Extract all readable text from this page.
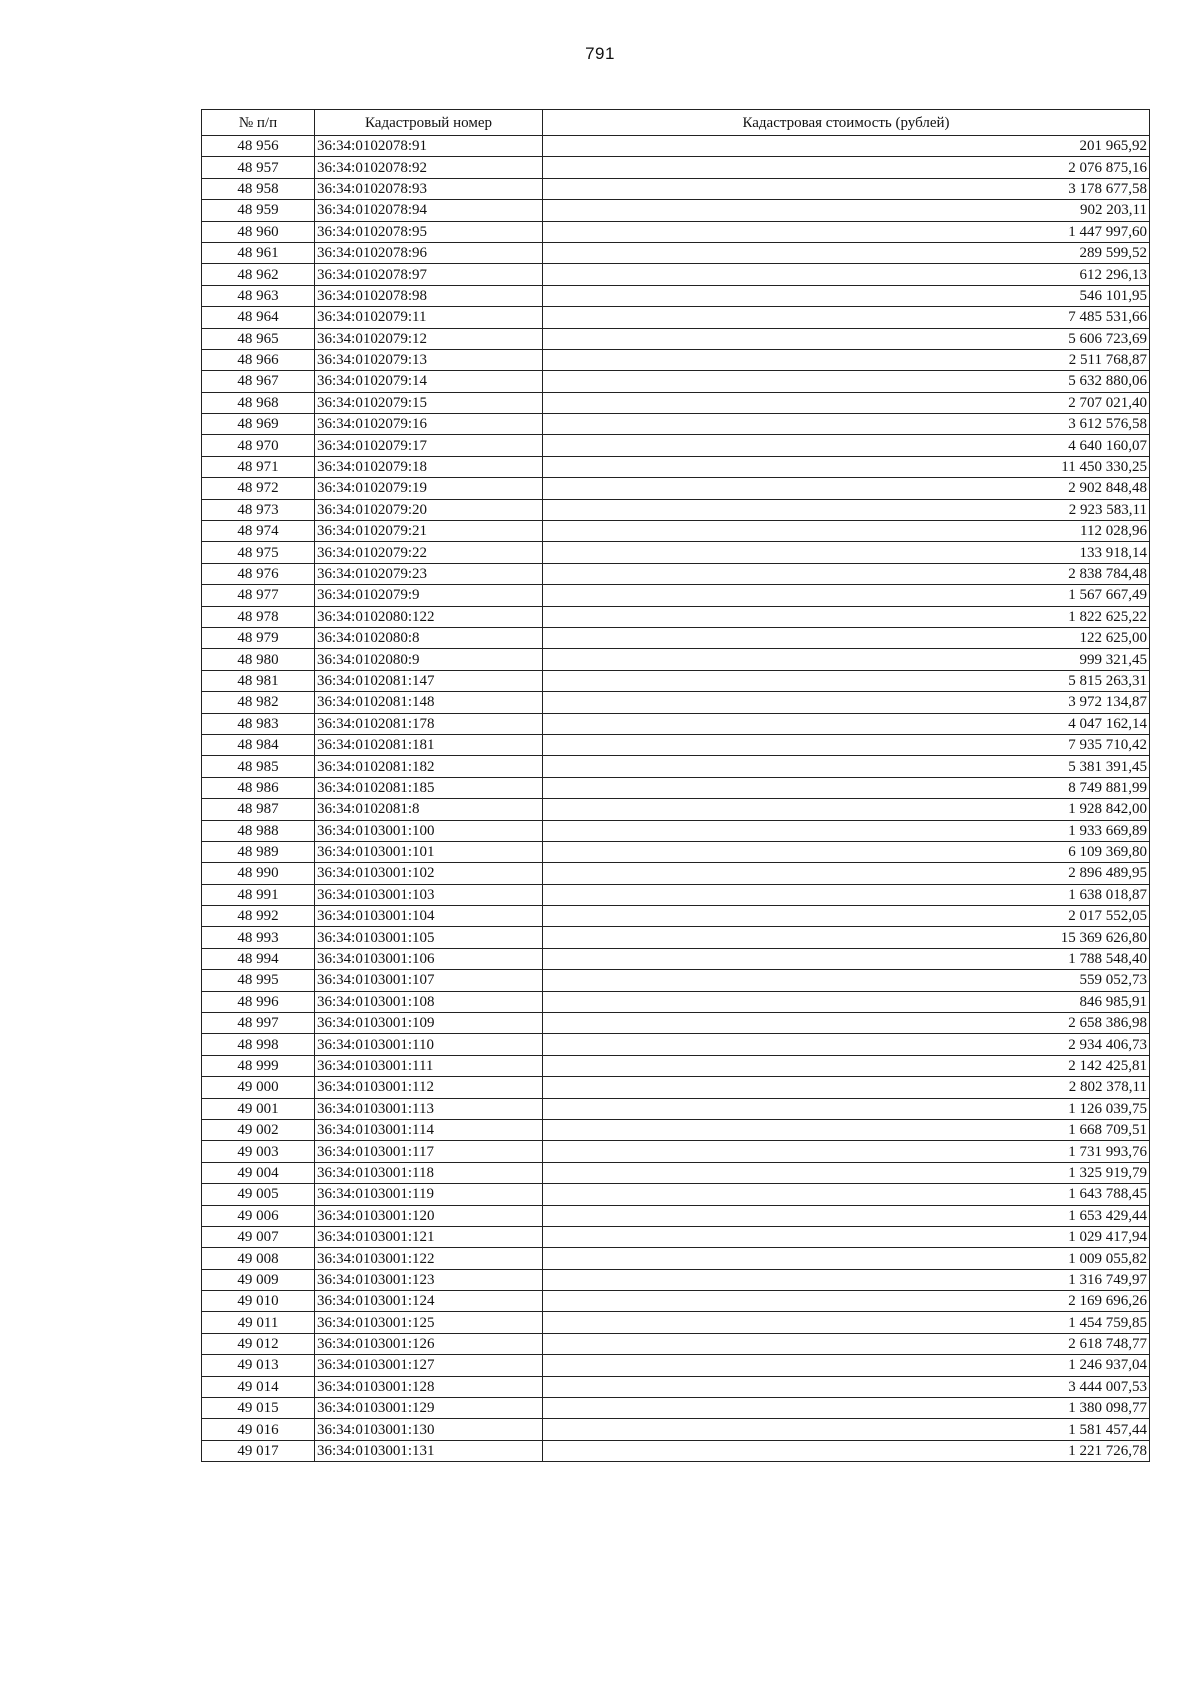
791
№ п/п	Кадастровый номер	Кадастровая стоимость (рублей)
48 956	36:34:0102078:91	201 965,92
48 957	36:34:0102078:92	2 076 875,16
48 958	36:34:0102078:93	3 178 677,58
48 959	36:34:0102078:94	902 203,11
48 960	36:34:0102078:95	1 447 997,60
48 961	36:34:0102078:96	289 599,52
48 962	36:34:0102078:97	612 296,13
48 963	36:34:0102078:98	546 101,95
48 964	36:34:0102079:11	7 485 531,66
48 965	36:34:0102079:12	5 606 723,69
48 966	36:34:0102079:13	2 511 768,87
48 967	36:34:0102079:14	5 632 880,06
48 968	36:34:0102079:15	2 707 021,40
48 969	36:34:0102079:16	3 612 576,58
48 970	36:34:0102079:17	4 640 160,07
48 971	36:34:0102079:18	11 450 330,25
48 972	36:34:0102079:19	2 902 848,48
48 973	36:34:0102079:20	2 923 583,11
48 974	36:34:0102079:21	112 028,96
48 975	36:34:0102079:22	133 918,14
48 976	36:34:0102079:23	2 838 784,48
48 977	36:34:0102079:9	1 567 667,49
48 978	36:34:0102080:122	1 822 625,22
48 979	36:34:0102080:8	122 625,00
48 980	36:34:0102080:9	999 321,45
48 981	36:34:0102081:147	5 815 263,31
48 982	36:34:0102081:148	3 972 134,87
48 983	36:34:0102081:178	4 047 162,14
48 984	36:34:0102081:181	7 935 710,42
48 985	36:34:0102081:182	5 381 391,45
48 986	36:34:0102081:185	8 749 881,99
48 987	36:34:0102081:8	1 928 842,00
48 988	36:34:0103001:100	1 933 669,89
48 989	36:34:0103001:101	6 109 369,80
48 990	36:34:0103001:102	2 896 489,95
48 991	36:34:0103001:103	1 638 018,87
48 992	36:34:0103001:104	2 017 552,05
48 993	36:34:0103001:105	15 369 626,80
48 994	36:34:0103001:106	1 788 548,40
48 995	36:34:0103001:107	559 052,73
48 996	36:34:0103001:108	846 985,91
48 997	36:34:0103001:109	2 658 386,98
48 998	36:34:0103001:110	2 934 406,73
48 999	36:34:0103001:111	2 142 425,81
49 000	36:34:0103001:112	2 802 378,11
49 001	36:34:0103001:113	1 126 039,75
49 002	36:34:0103001:114	1 668 709,51
49 003	36:34:0103001:117	1 731 993,76
49 004	36:34:0103001:118	1 325 919,79
49 005	36:34:0103001:119	1 643 788,45
49 006	36:34:0103001:120	1 653 429,44
49 007	36:34:0103001:121	1 029 417,94
49 008	36:34:0103001:122	1 009 055,82
49 009	36:34:0103001:123	1 316 749,97
49 010	36:34:0103001:124	2 169 696,26
49 011	36:34:0103001:125	1 454 759,85
49 012	36:34:0103001:126	2 618 748,77
49 013	36:34:0103001:127	1 246 937,04
49 014	36:34:0103001:128	3 444 007,53
49 015	36:34:0103001:129	1 380 098,77
49 016	36:34:0103001:130	1 581 457,44
49 017	36:34:0103001:131	1 221 726,78
